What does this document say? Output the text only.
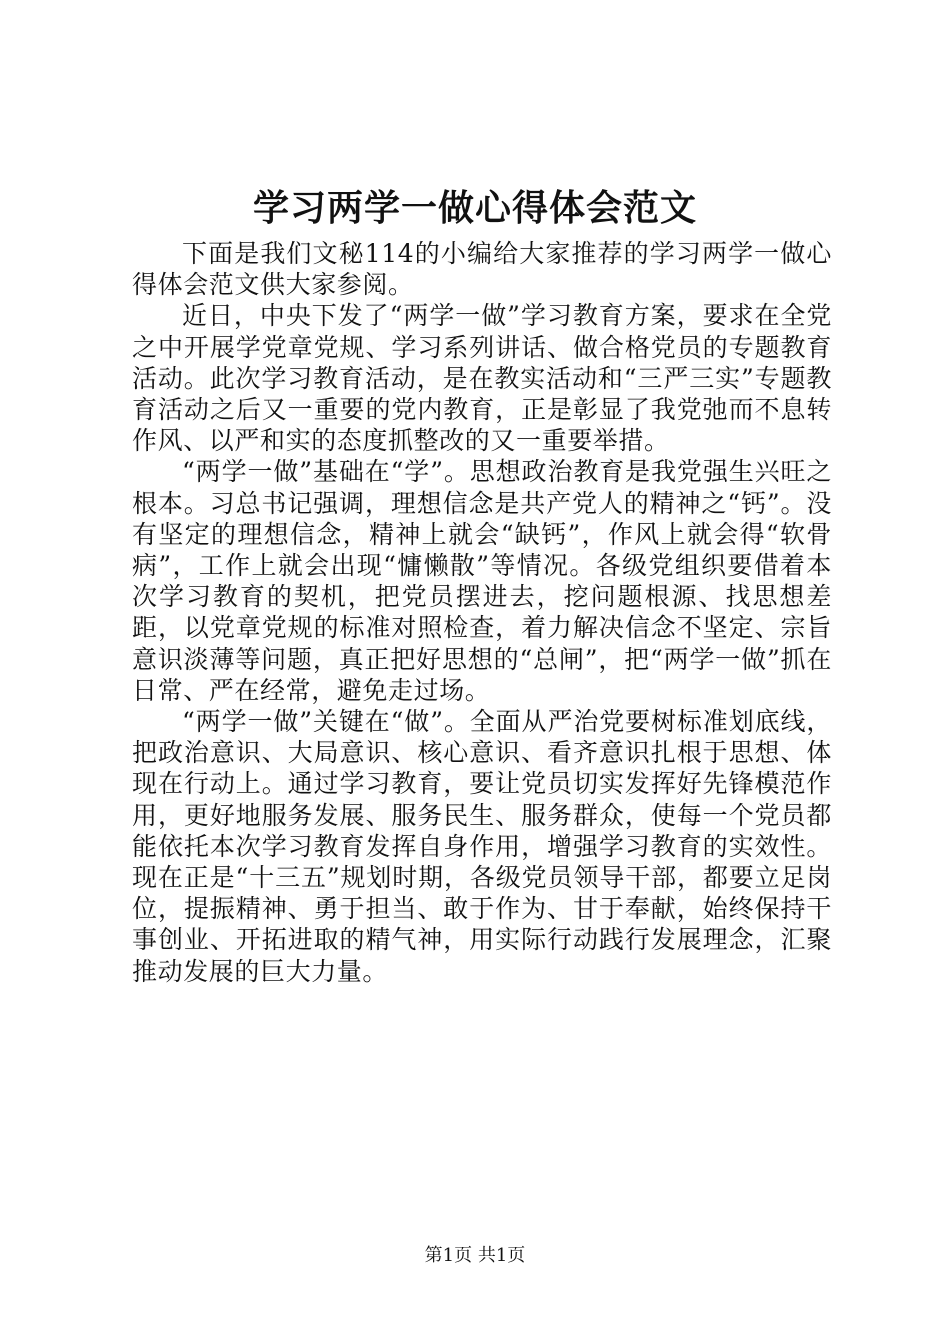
学习两学一做心得体会范文

下面是我们文秘114的小编给大家推荐的学习两学一做心得体会范文供大家参阅。

近日，中央下发了“两学一做”学习教育方案，要求在全党之中开展学党章党规、学习系列讲话、做合格党员的专题教育活动。此次学习教育活动，是在教实活动和“三严三实”专题教育活动之后又一重要的党内教育，正是彰显了我党弛而不息转作风、以严和实的态度抓整改的又一重要举措。

“两学一做”基础在“学”。思想政治教育是我党强生兴旺之根本。习总书记强调，理想信念是共产党人的精神之“钙”。没有坚定的理想信念，精神上就会“缺钙”，作风上就会得“软骨病”，工作上就会出现“慵懒散”等情况。各级党组织要借着本次学习教育的契机，把党员摆进去，挖问题根源、找思想差距，以党章党规的标准对照检查，着力解决信念不坚定、宗旨意识淡薄等问题，真正把好思想的“总闸”，把“两学一做”抓在日常、严在经常，避免走过场。

“两学一做”关键在“做”。全面从严治党要树标准划底线，把政治意识、大局意识、核心意识、看齐意识扎根于思想、体现在行动上。通过学习教育，要让党员切实发挥好先锋模范作用，更好地服务发展、服务民生、服务群众，使每一个党员都能依托本次学习教育发挥自身作用，增强学习教育的实效性。现在正是“十三五”规划时期，各级党员领导干部，都要立足岗位，提振精神、勇于担当、敢于作为、甘于奉献，始终保持干事创业、开拓进取的精气神，用实际行动践行发展理念，汇聚推动发展的巨大力量。

第1页 共1页
